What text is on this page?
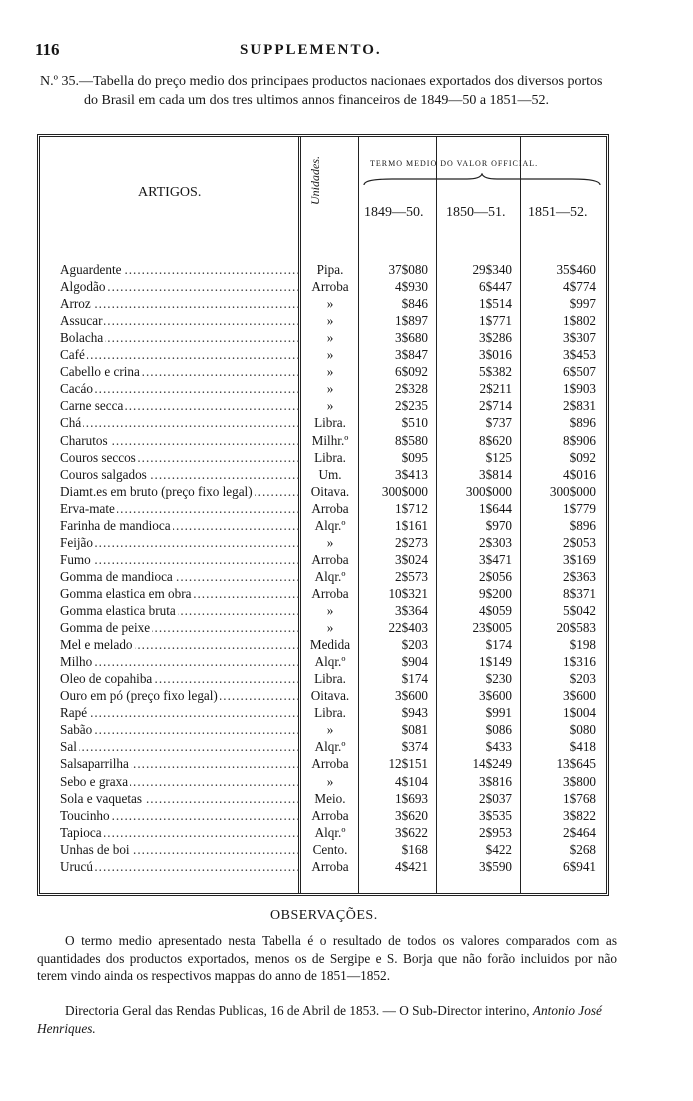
116	SUPPLEMENTO.
N.º 35.—Tabella do preço medio dos principaes productos nacionaes exportados dos diversos portos
do Brasil em cada um dos tres ultimos annos financeiros de 1849—50 a 1851—52.
ARTIGOS.	Unidades.	TERMO MEDIO DO VALOR OFFICIAL.
1849—50. 1850—51. 1851—52.
.....
Aguardente	Pipa.	37$080	29$340	35$460
.....
Algodão	Arroba	4$930	6$447	4$774
.....
Arroz	»	$846	1$514	$997
.....
Assucar	»	1$897	1$771	1$802
.....
Bolacha	»	3$680	3$286	3$307
.....
Café	»	3$847	3$016	3$453
.....
Cabello e crina	»	6$092	5$382	6$507
.....
Cacáo	»	2$328	2$211	1$903
.....
Carne secca	»	2$235	2$714	2$831
.....
Chá	Libra.	$510	$737	$896
.....
Charutos	Milhr.º	8$580	8$620	8$906
.....
Couros seccos	Libra.	$095	$125	$092
.....
Couros salgados	Um.	3$413	3$814	4$016
.....
Diamt.es em bruto (preço fixo legal)	Oitava.	300$000	300$000	300$000
.....
Erva-mate	Arroba	1$712	1$644	1$779
.....
Farinha de mandioca	Alqr.º	1$161	$970	$896
.....
Feijão	»	2$273	2$303	2$053
.....
Fumo	Arroba	3$024	3$471	3$169
.....
Gomma de mandioca	Alqr.º	2$573	2$056	2$363
.....
Gomma elastica em obra	Arroba	10$321	9$200	8$371
.....
Gomma elastica bruta	»	3$364	4$059	5$042
.....
Gomma de peixe	»	22$403	23$005	20$583
.....
Mel e melado	Medida	$203	$174	$198
.....
Milho	Alqr.º	$904	1$149	1$316
.....
Oleo de copahiba	Libra.	$174	$230	$203
.....
Ouro em pó (preço fixo legal)	Oitava.	3$600	3$600	3$600
.....
Rapé	Libra.	$943	$991	1$004
.....
Sabão	»	$081	$086	$080
.....
Sal	Alqr.º	$374	$433	$418
.....
Salsaparrilha	Arroba	12$151	14$249	13$645
.....
Sebo e graxa	»	4$104	3$816	3$800
.....
Sola e vaquetas	Meio.	1$693	2$037	1$768
.....
Toucinho	Arroba	3$620	3$535	3$822
.....
Tapioca	Alqr.º	3$622	2$953	2$464
.....
Unhas de boi	Cento.	$168	$422	$268
.....
Urucú	Arroba	4$421	3$590	6$941
OBSERVAÇÕES.
O termo medio apresentado nesta Tabella é o resultado de todos os valores comparados com as quantidades dos productos exportados, menos os de Sergipe e S. Borja que não forão incluidos por não terem vindo ainda os respectivos mappas do anno de 1851—1852.
Directoria Geral das Rendas Publicas, 16 de Abril de 1853. — O Sub-Director interino, Antonio José Henriques.
